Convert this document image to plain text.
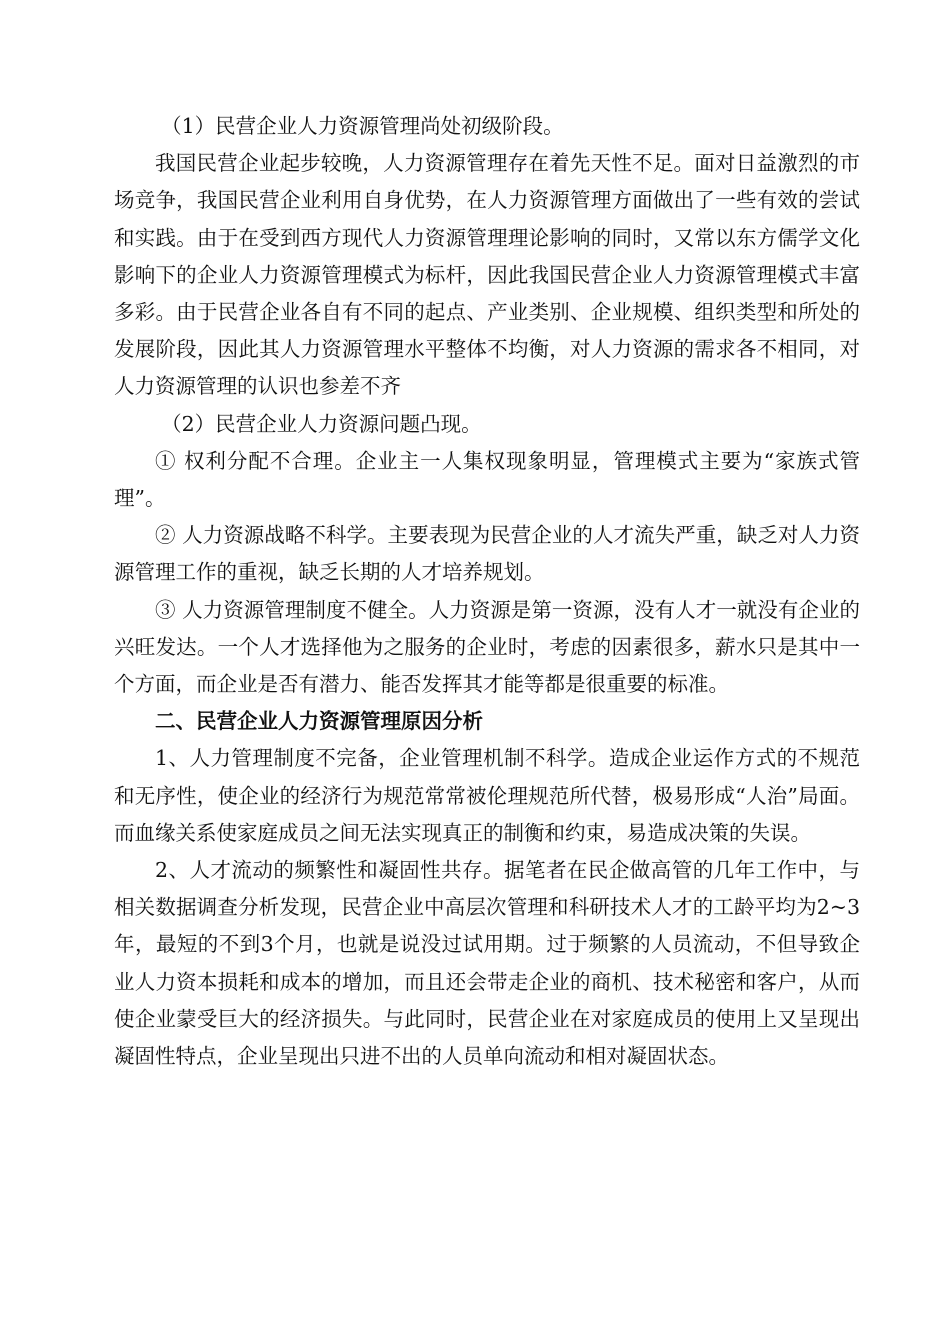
（1）民营企业人力资源管理尚处初级阶段。

我国民营企业起步较晚，人力资源管理存在着先天性不足。面对日益激烈的市场竞争，我国民营企业利用自身优势，在人力资源管理方面做出了一些有效的尝试和实践。由于在受到西方现代人力资源管理理论影响的同时，又常以东方儒学文化影响下的企业人力资源管理模式为标杆，因此我国民营企业人力资源管理模式丰富多彩。由于民营企业各自有不同的起点、产业类别、企业规模、组织类型和所处的发展阶段，因此其人力资源管理水平整体不均衡，对人力资源的需求各不相同，对人力资源管理的认识也参差不齐

（2）民营企业人力资源问题凸现。

① 权利分配不合理。企业主一人集权现象明显，管理模式主要为“家族式管理”。

② 人力资源战略不科学。主要表现为民营企业的人才流失严重，缺乏对人力资源管理工作的重视，缺乏长期的人才培养规划。

③ 人力资源管理制度不健全。人力资源是第一资源，没有人才一就没有企业的兴旺发达。一个人才选择他为之服务的企业时，考虑的因素很多，薪水只是其中一个方面，而企业是否有潜力、能否发挥其才能等都是很重要的标准。

二、民营企业人力资源管理原因分析

1、人力管理制度不完备，企业管理机制不科学。造成企业运作方式的不规范和无序性，使企业的经济行为规范常常被伦理规范所代替，极易形成“人治”局面。而血缘关系使家庭成员之间无法实现真正的制衡和约束，易造成决策的失误。

2、人才流动的频繁性和凝固性共存。据笔者在民企做高管的几年工作中，与相关数据调查分析发现，民营企业中高层次管理和科研技术人才的工龄平均为2~3年，最短的不到3个月，也就是说没过试用期。过于频繁的人员流动，不但导致企业人力资本损耗和成本的增加，而且还会带走企业的商机、技术秘密和客户，从而使企业蒙受巨大的经济损失。与此同时，民营企业在对家庭成员的使用上又呈现出凝固性特点，企业呈现出只进不出的人员单向流动和相对凝固状态。
